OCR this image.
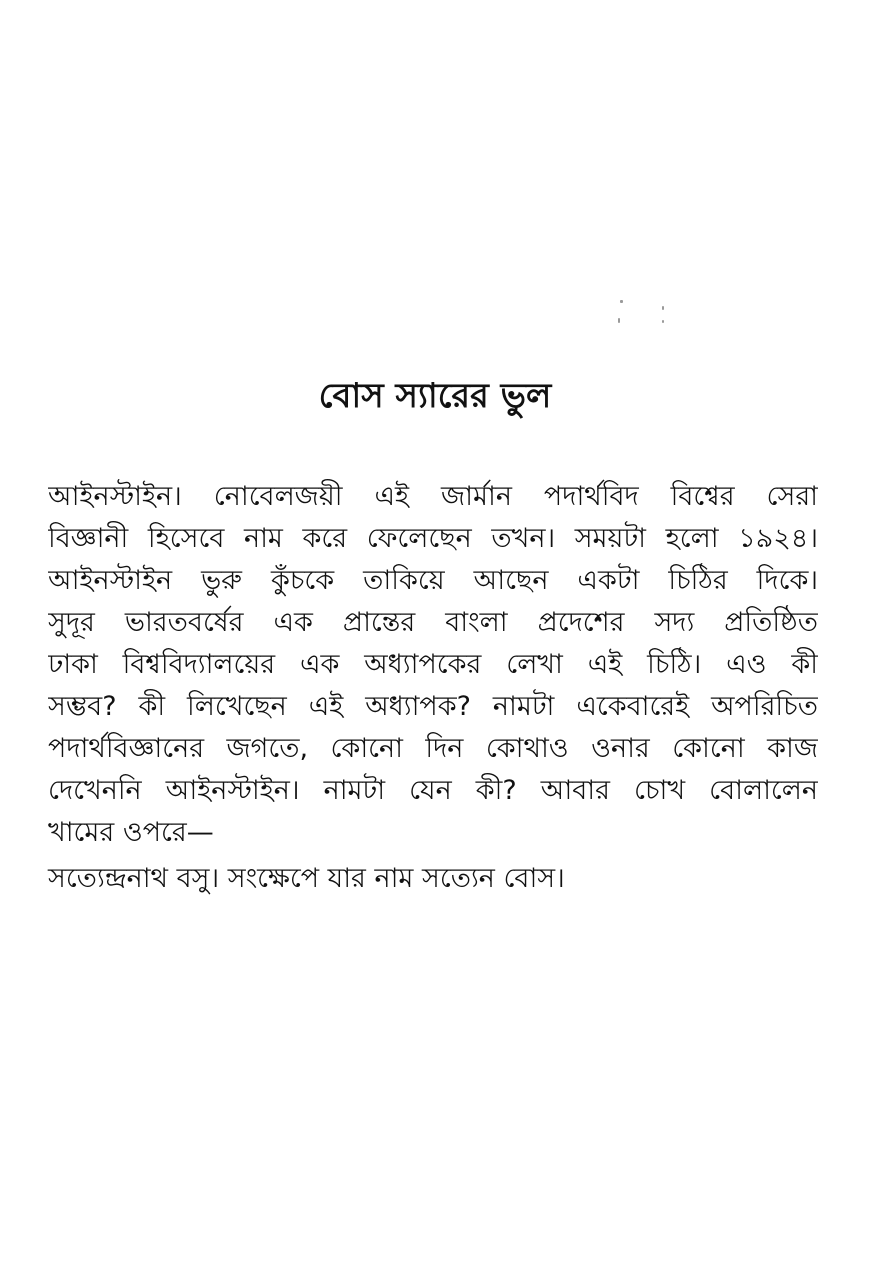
বোস স্যারের ভুল
আইনস্টাইন। নোবেলজয়ী এই জার্মান পদার্থবিদ বিশ্বের সেরা
বিজ্ঞানী হিসেবে নাম করে ফেলেছেন তখন। সময়টা হলো ১৯২৪।
আইনস্টাইন ভুরু কুঁচকে তাকিয়ে আছেন একটা চিঠির দিকে।
সুদূর ভারতবর্ষের এক প্রান্তের বাংলা প্রদেশের সদ্য প্রতিষ্ঠিত
ঢাকা বিশ্ববিদ্যালয়ের এক অধ্যাপকের লেখা এই চিঠি। এও কী
সম্ভব? কী লিখেছেন এই অধ্যাপক? নামটা একেবারেই অপরিচিত
পদার্থবিজ্ঞানের জগতে, কোনো দিন কোথাও ওনার কোনো কাজ
দেখেননি আইনস্টাইন। নামটা যেন কী? আবার চোখ বোলালেন
খামের ওপরে—
সত্যেন্দ্রনাথ বসু। সংক্ষেপে যার নাম সত্যেন বোস।
